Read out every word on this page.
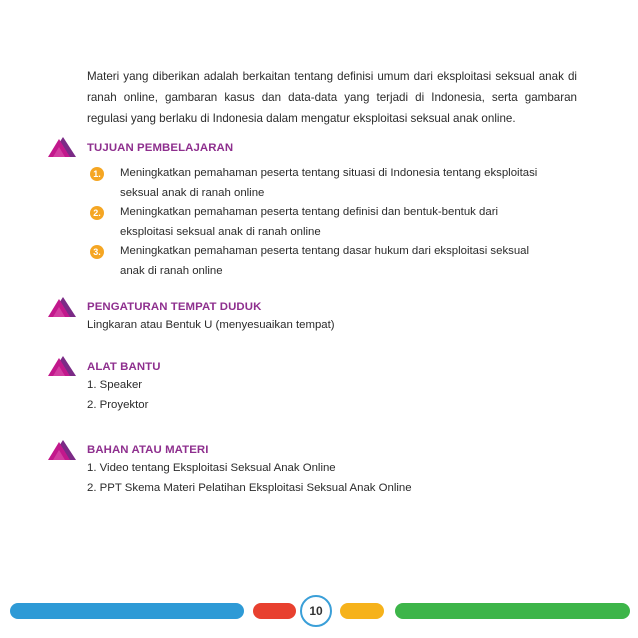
Materi yang diberikan adalah berkaitan tentang definisi umum dari eksploitasi seksual anak di ranah online, gambaran kasus dan data-data yang terjadi di Indonesia, serta gambaran regulasi yang berlaku di Indonesia dalam mengatur eksploitasi seksual anak online.

TUJUAN PEMBELAJARAN

1. Meningkatkan pemahaman peserta tentang situasi di Indonesia tentang eksploitasi
seksual anak di ranah online
2. Meningkatkan pemahaman peserta tentang definisi dan bentuk-bentuk dari
eksploitasi seksual anak di ranah online
3. Meningkatkan pemahaman peserta tentang dasar hukum dari eksploitasi seksual
anak di ranah online

PENGATURAN TEMPAT DUDUK

Lingkaran atau Bentuk U (menyesuaikan tempat)

ALAT BANTU

1. Speaker

2. Proyektor

BAHAN ATAU MATERI

1. Video tentang Eksploitasi Seksual Anak Online

2. PPT Skema Materi Pelatihan Eksploitasi Seksual Anak Online

10
